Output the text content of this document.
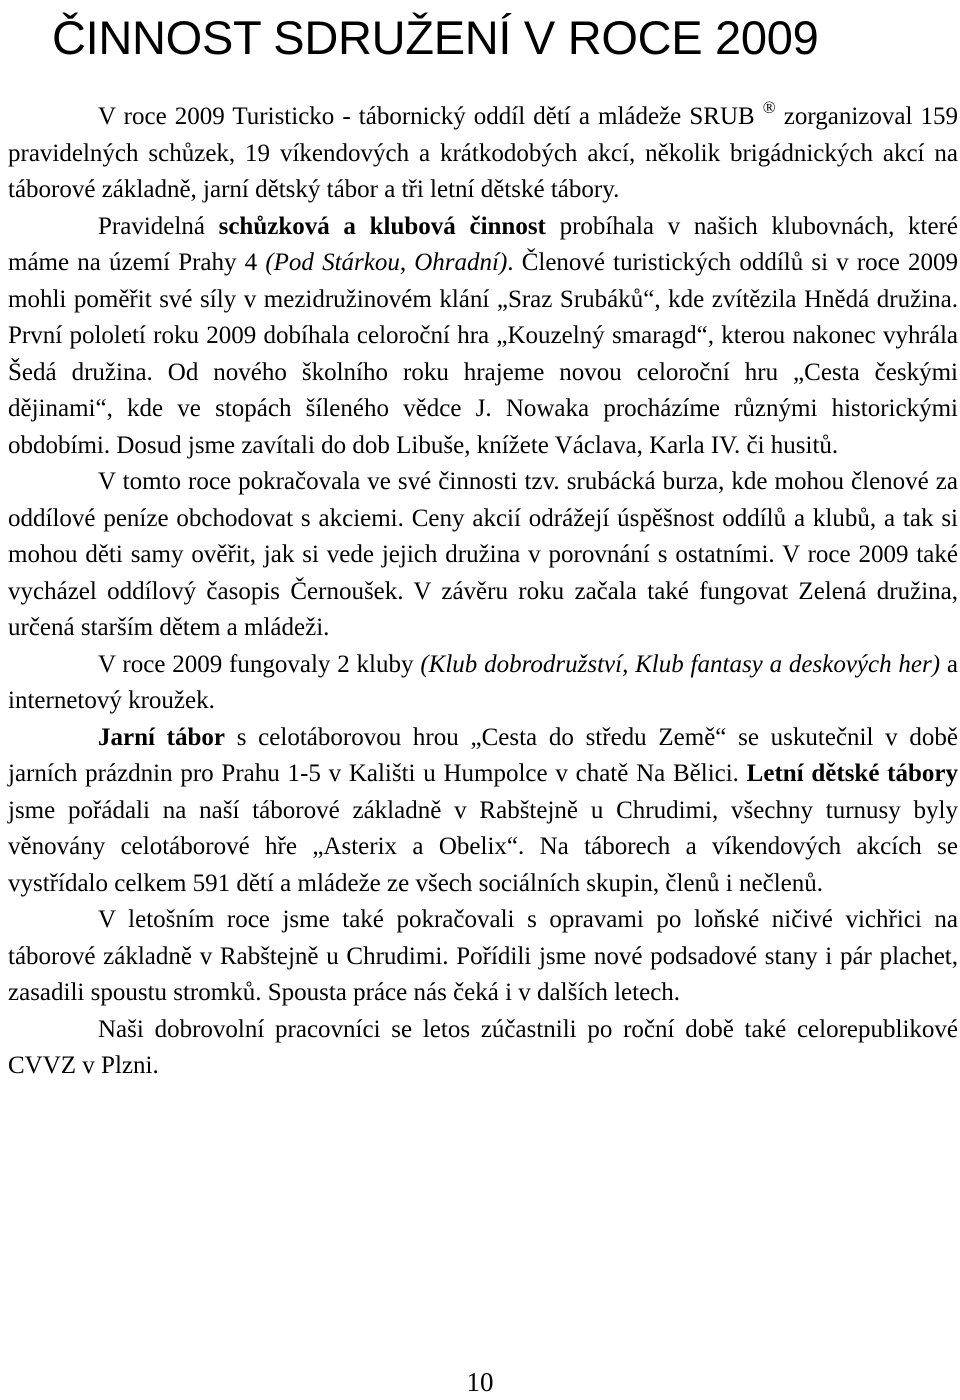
ČINNOST SDRUŽENÍ V ROCE 2009

V roce 2009 Turisticko - tábornický oddíl dětí a mládeže SRUB ® zorganizoval 159 pravidelných schůzek, 19 víkendových a krátkodobých akcí, několik brigádnických akcí na táborové základně, jarní dětský tábor a tři letní dětské tábory.

Pravidelná schůzková a klubová činnost probíhala v našich klubovnách, které máme na území Prahy 4 (Pod Stárkou, Ohradní). Členové turistických oddílů si v roce 2009 mohli poměřit své síly v mezidružinovém klání „Sraz Srubáků“, kde zvítězila Hnědá družina. První pololetí roku 2009 dobíhala celoroční hra „Kouzelný smaragd“, kterou nakonec vyhrála Šedá družina. Od nového školního roku hrajeme novou celoroční hru „Cesta českými dějinami“, kde ve stopách šíleného vědce J. Nowaka procházíme různými historickými obdobími. Dosud jsme zavítali do dob Libuše, knížete Václava, Karla IV. či husitů.

V tomto roce pokračovala ve své činnosti tzv. srubácká burza, kde mohou členové za oddílové peníze obchodovat s akciemi. Ceny akcií odrážejí úspěšnost oddílů a klubů, a tak si mohou děti samy ověřit, jak si vede jejich družina v porovnání s ostatními. V roce 2009 také vycházel oddílový časopis Černoušek. V závěru roku začala také fungovat Zelená družina, určená starším dětem a mládeži.

V roce 2009 fungovaly 2 kluby (Klub dobrodružství, Klub fantasy a deskových her) a internetový kroužek.

Jarní tábor s celotáborovou hrou „Cesta do středu Země“ se uskutečnil v době jarních prázdnin pro Prahu 1-5 v Kališti u Humpolce v chatě Na Bělici. Letní dětské tábory jsme pořádali na naší táborové základně v Rabštejně u Chrudimi, všechny turnusy byly věnovány celotáborové hře „Asterix a Obelix“. Na táborech a víkendových akcích se vystřídalo celkem 591 dětí a mládeže ze všech sociálních skupin, členů i nečlenů.

V letošním roce jsme také pokračovali s opravami po loňské ničivé vichřici na táborové základně v Rabštejně u Chrudimi. Pořídili jsme nové podsadové stany i pár plachet, zasadili spoustu stromků. Spousta práce nás čeká i v dalších letech.

Naši dobrovolní pracovníci se letos zúčastnili po roční době také celorepublikové CVVZ v Plzni.

10
